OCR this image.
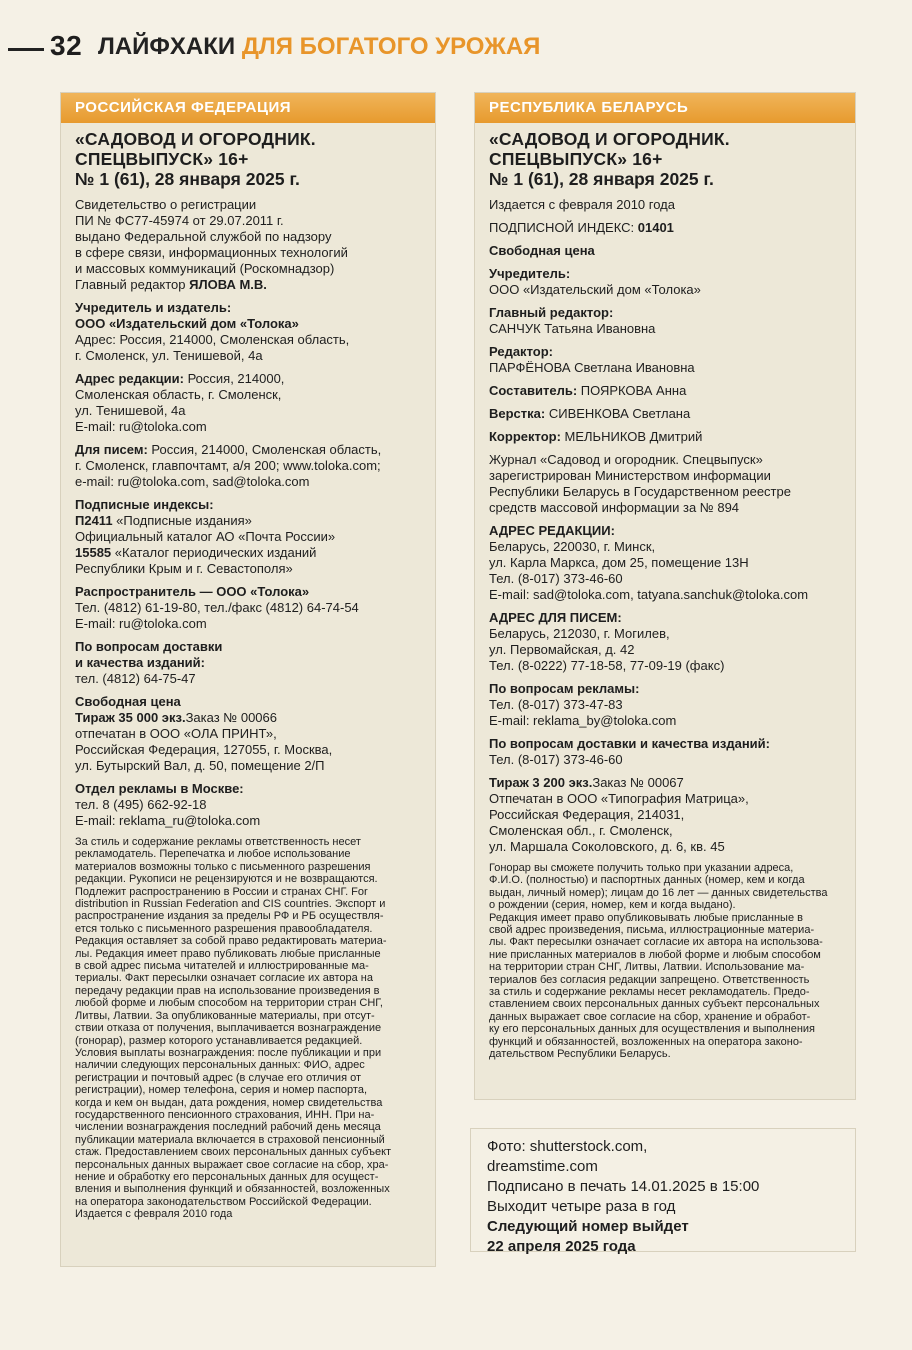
32 ЛАЙФХАКИ ДЛЯ БОГАТОГО УРОЖАЯ
РОССИЙСКАЯ ФЕДЕРАЦИЯ
«САДОВОД И ОГОРОДНИК.
СПЕЦВЫПУСК» 16+
№ 1 (61), 28 января 2025 г.
Свидетельство о регистрации
ПИ № ФС77-45974 от 29.07.2011 г.
выдано Федеральной службой по надзору
в сфере связи, информационных технологий
и массовых коммуникаций (Роскомнадзор)
Главный редактор ЯЛОВА М.В.
Учредитель и издатель:
ООО «Издательский дом «Толока»
Адрес: Россия, 214000, Смоленская область,
г. Смоленск, ул. Тенишевой, 4а
Адрес редакции: Россия, 214000,
Смоленская область, г. Смоленск,
ул. Тенишевой, 4а
E-mail: ru@toloka.com
Для писем: Россия, 214000, Смоленская область,
г. Смоленск, главпочтамт, а/я 200; www.toloka.com;
e-mail: ru@toloka.com, sad@toloka.com
Подписные индексы:
П2411 «Подписные издания»
Официальный каталог АО «Почта России»
15585 «Каталог периодических изданий
Республики Крым и г. Севастополя»
Распространитель — ООО «Толока»
Тел. (4812) 61-19-80, тел./факс (4812) 64-74-54
E-mail: ru@toloka.com
По вопросам доставки
и качества изданий:
тел. (4812) 64-75-47
Свободная цена
Тираж 35 000 экз.Заказ № 00066
отпечатан в ООО «ОЛА ПРИНТ»,
Российская Федерация, 127055, г. Москва,
ул. Бутырский Вал, д. 50, помещение 2/П
Отдел рекламы в Москве:
тел. 8 (495) 662-92-18
E-mail: reklama_ru@toloka.com
За стиль и содержание рекламы ответственность несет
рекламодатель. Перепечатка и любое использование
материалов возможны только с письменного разрешения
редакции. Рукописи не рецензируются и не возвращаются.
Подлежит распространению в России и странах СНГ. For
distribution in Russian Federation and CIS countries. Экспорт и
распространение издания за пределы РФ и РБ осуществля-
ется только с письменного разрешения правообладателя.
Редакция оставляет за собой право редактировать материа-
лы. Редакция имеет право публиковать любые присланные
в свой адрес письма читателей и иллюстрированные ма-
териалы. Факт пересылки означает согласие их автора на
передачу редакции прав на использование произведения в
любой форме и любым способом на территории стран СНГ,
Литвы, Латвии. За опубликованные материалы, при отсут-
ствии отказа от получения, выплачивается вознаграждение
(гонорар), размер которого устанавливается редакцией.
Условия выплаты вознаграждения: после публикации и при
наличии следующих персональных данных: ФИО, адрес
регистрации и почтовый адрес (в случае его отличия от
регистрации), номер телефона, серия и номер паспорта,
когда и кем он выдан, дата рождения, номер свидетельства
государственного пенсионного страхования, ИНН. При на-
числении вознаграждения последний рабочий день месяца
публикации материала включается в страховой пенсионный
стаж. Предоставлением своих персональных данных субъект
персональных данных выражает свое согласие на сбор, хра-
нение и обработку его персональных данных для осущест-
вления и выполнения функций и обязанностей, возложенных
на оператора законодательством Российской Федерации.
Издается с февраля 2010 года
РЕСПУБЛИКА БЕЛАРУСЬ
«САДОВОД И ОГОРОДНИК.
СПЕЦВЫПУСК» 16+
№ 1 (61), 28 января 2025 г.
Издается с февраля 2010 года
ПОДПИСНОЙ ИНДЕКС: 01401
Свободная цена
Учредитель:
ООО «Издательский дом «Толока»
Главный редактор:
САНЧУК Татьяна Ивановна
Редактор:
ПАРФЁНОВА Светлана Ивановна
Составитель: ПОЯРКОВА Анна
Верстка: СИВЕНКОВА Светлана
Корректор: МЕЛЬНИКОВ Дмитрий
Журнал «Садовод и огородник. Спецвыпуск»
зарегистрирован Министерством информации
Республики Беларусь в Государственном реестре
средств массовой информации за № 894
АДРЕС РЕДАКЦИИ:
Беларусь, 220030, г. Минск,
ул. Карла Маркса, дом 25, помещение 13Н
Тел. (8-017) 373-46-60
E-mail: sad@toloka.com, tatyana.sanchuk@toloka.com
АДРЕС ДЛЯ ПИСЕМ:
Беларусь, 212030, г. Могилев,
ул. Первомайская, д. 42
Тел. (8-0222) 77-18-58, 77-09-19 (факс)
По вопросам рекламы:
Тел. (8-017) 373-47-83
E-mail: reklama_by@toloka.com
По вопросам доставки и качества изданий:
Тел. (8-017) 373-46-60
Тираж 3 200 экз.Заказ № 00067
Отпечатан в ООО «Типография Матрица»,
Российская Федерация, 214031,
Смоленская обл., г. Смоленск,
ул. Маршала Соколовского, д. 6, кв. 45
Гонорар вы сможете получить только при указании адреса,
Ф.И.О. (полностью) и паспортных данных (номер, кем и когда
выдан, личный номер); лицам до 16 лет — данных свидетельства
о рождении (серия, номер, кем и когда выдано).
Редакция имеет право опубликовывать любые присланные в
свой адрес произведения, письма, иллюстрационные материа-
лы. Факт пересылки означает согласие их автора на использова-
ние присланных материалов в любой форме и любым способом
на территории стран СНГ, Литвы, Латвии. Использование ма-
териалов без согласия редакции запрещено. Ответственность
за стиль и содержание рекламы несет рекламодатель. Предо-
ставлением своих персональных данных субъект персональных
данных выражает свое согласие на сбор, хранение и обработ-
ку его персональных данных для осуществления и выполнения
функций и обязанностей, возложенных на оператора законо-
дательством Республики Беларусь.
Фото: shutterstock.com,
dreamstime.com
Подписано в печать 14.01.2025 в 15:00
Выходит четыре раза в год
Следующий номер выйдет
22 апреля 2025 года
